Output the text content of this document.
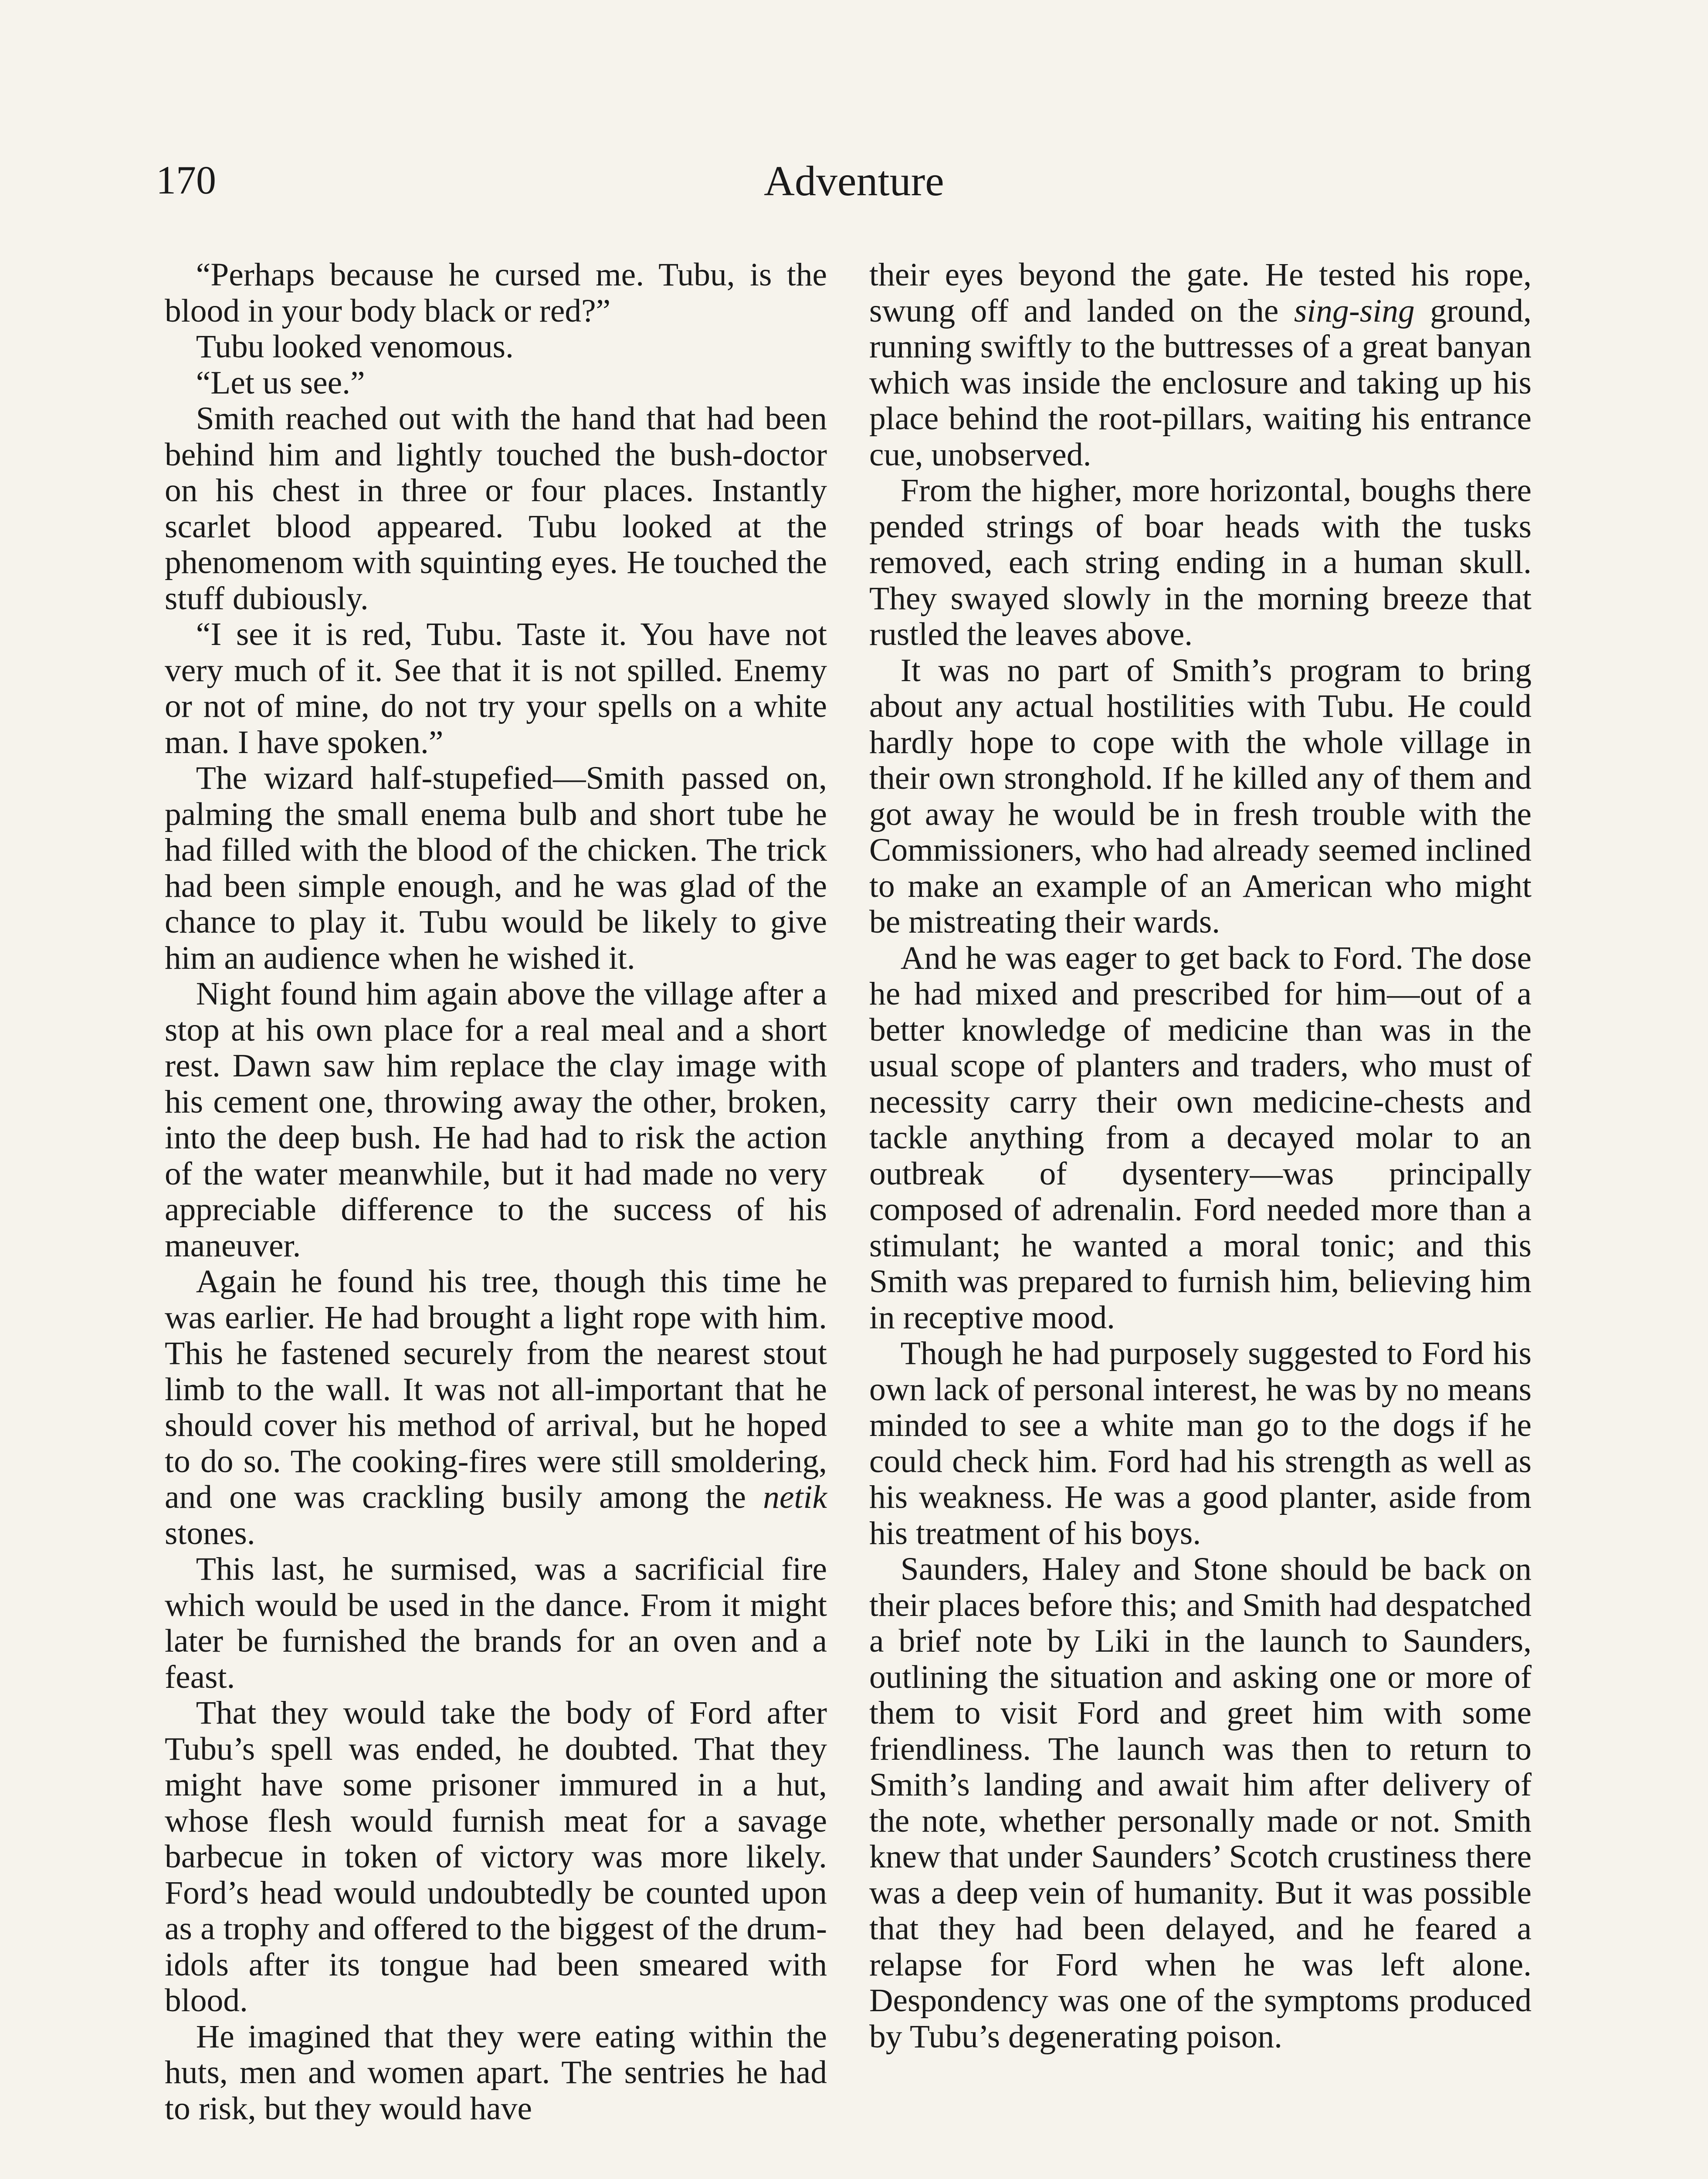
170	Adventure

“Perhaps because he cursed me. Tubu, is the blood in your body black or red?”

Tubu looked venomous.

“Let us see.”

Smith reached out with the hand that had been behind him and lightly touched the bush-doctor on his chest in three or four places. Instantly scarlet blood appeared. Tubu looked at the phenomenom with squinting eyes. He touched the stuff dubiously.

“I see it is red, Tubu. Taste it. You have not very much of it. See that it is not spilled. Enemy or not of mine, do not try your spells on a white man. I have spoken.”

The wizard half-stupefied—Smith passed on, palming the small enema bulb and short tube he had filled with the blood of the chicken. The trick had been simple enough, and he was glad of the chance to play it. Tubu would be likely to give him an audience when he wished it.

Night found him again above the village after a stop at his own place for a real meal and a short rest. Dawn saw him replace the clay image with his cement one, throwing away the other, broken, into the deep bush. He had had to risk the action of the water meanwhile, but it had made no very appreciable difference to the success of his maneuver.

Again he found his tree, though this time he was earlier. He had brought a light rope with him. This he fastened securely from the nearest stout limb to the wall. It was not all-important that he should cover his method of arrival, but he hoped to do so. The cooking-fires were still smoldering, and one was crackling busily among the netik stones.

This last, he surmised, was a sacrificial fire which would be used in the dance. From it might later be furnished the brands for an oven and a feast.

That they would take the body of Ford after Tubu’s spell was ended, he doubted. That they might have some prisoner immured in a hut, whose flesh would furnish meat for a savage barbecue in token of victory was more likely. Ford’s head would undoubtedly be counted upon as a trophy and offered to the biggest of the drum-idols after its tongue had been smeared with blood.

He imagined that they were eating within the huts, men and women apart. The sentries he had to risk, but they would have

their eyes beyond the gate. He tested his rope, swung off and landed on the sing-sing ground, running swiftly to the buttresses of a great banyan which was inside the enclosure and taking up his place behind the root-pillars, waiting his entrance cue, unobserved.

From the higher, more horizontal, boughs there pended strings of boar heads with the tusks removed, each string ending in a human skull. They swayed slowly in the morning breeze that rustled the leaves above.

It was no part of Smith’s program to bring about any actual hostilities with Tubu. He could hardly hope to cope with the whole village in their own stronghold. If he killed any of them and got away he would be in fresh trouble with the Commissioners, who had already seemed inclined to make an example of an American who might be mistreating their wards.

And he was eager to get back to Ford. The dose he had mixed and prescribed for him—out of a better knowledge of medicine than was in the usual scope of planters and traders, who must of necessity carry their own medicine-chests and tackle anything from a decayed molar to an outbreak of dysentery—was principally composed of adrenalin. Ford needed more than a stimulant; he wanted a moral tonic; and this Smith was prepared to furnish him, believing him in receptive mood.

Though he had purposely suggested to Ford his own lack of personal interest, he was by no means minded to see a white man go to the dogs if he could check him. Ford had his strength as well as his weakness. He was a good planter, aside from his treatment of his boys.

Saunders, Haley and Stone should be back on their places before this; and Smith had despatched a brief note by Liki in the launch to Saunders, outlining the situation and asking one or more of them to visit Ford and greet him with some friendliness. The launch was then to return to Smith’s landing and await him after delivery of the note, whether personally made or not. Smith knew that under Saunders’ Scotch crustiness there was a deep vein of humanity. But it was possible that they had been delayed, and he feared a relapse for Ford when he was left alone. Despondency was one of the symptoms produced by Tubu’s degenerating poison.
